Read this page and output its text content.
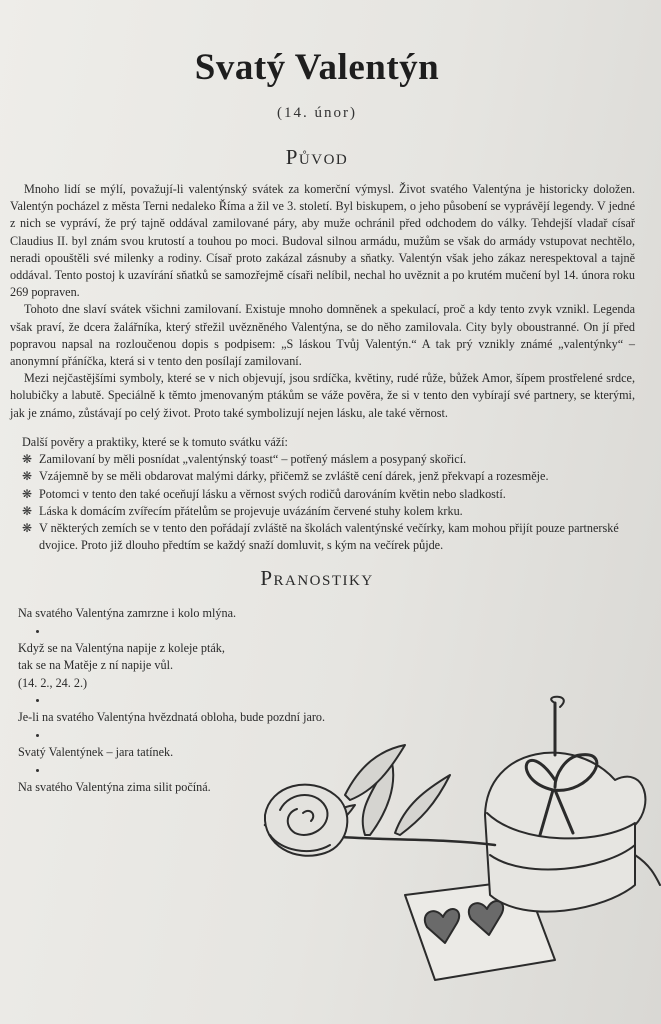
Svatý Valentýn
(14. únor)
Původ

Mnoho lidí se mýlí, považují-li valentýnský svátek za komerční výmysl. Život svatého Valentýna je historicky doložen. Valentýn pocházel z města Terni nedaleko Říma a žil ve 3. století. Byl biskupem, o jeho působení se vyprávějí legendy. V jedné z nich se vypráví, že prý tajně oddával zamilované páry, aby muže ochránil před odchodem do války. Tehdejší vladař císař Claudius II. byl znám svou krutostí a touhou po moci. Budoval silnou armádu, mužům se však do armády vstupovat nechtělo, neradi opouštěli své milenky a rodiny. Císař proto zakázal zásnuby a sňatky. Valentýn však jeho zákaz nerespektoval a tajně oddával. Tento postoj k uzavírání sňatků se samozřejmě císaři nelíbil, nechal ho uvěznit a po krutém mučení byl 14. února roku 269 popraven.

Tohoto dne slaví svátek všichni zamilovaní. Existuje mnoho domněnek a spekulací, proč a kdy tento zvyk vznikl. Legenda však praví, že dcera žalářníka, který střežil uvězněného Valentýna, se do něho zamilovala. City byly oboustranné. On jí před popravou napsal na rozloučenou dopis s podpisem: „S láskou Tvůj Valentýn.“ A tak prý vznikly známé „valentýnky“ – anonymní přáníčka, která si v tento den posílají zamilovaní.

Mezi nejčastějšími symboly, které se v nich objevují, jsou srdíčka, květiny, rudé růže, bůžek Amor, šípem prostřelené srdce, holubičky a labutě. Speciálně k těmto jmenovaným ptákům se váže pověra, že si v tento den vybírají své partnery, se kterými, jak je známo, zůstávají po celý život. Proto také symbolizují nejen lásku, ale také věrnost.

Další pověry a praktiky, které se k tomuto svátku váží:

❋ Zamilovaní by měli posnídat „valentýnský toast“ – potřený máslem a posypaný skořicí.
❋ Vzájemně by se měli obdarovat malými dárky, přičemž se zvláště cení dárek, jenž překvapí a rozesměje.
❋ Potomci v tento den také oceňují lásku a věrnost svých rodičů darováním květin nebo sladkostí.
❋ Láska k domácím zvířecím přátelům se projevuje uvázáním červené stuhy kolem krku.
❋ V některých zemích se v tento den pořádají zvláště na školách valentýnské večírky, kam mohou přijít pouze partnerské dvojice. Proto již dlouho předtím se každý snaží domluvit, s kým na večírek půjde.
Pranostiky

Na svatého Valentýna zamrzne i kolo mlýna.

Když se na Valentýna napije z koleje pták,

tak se na Matěje z ní napije vůl.

(14. 2., 24. 2.)

Je-li na svatého Valentýna hvězdnatá obloha, bude pozdní jaro.

Svatý Valentýnek – jara tatínek.

Na svatého Valentýna zima silit počíná.
